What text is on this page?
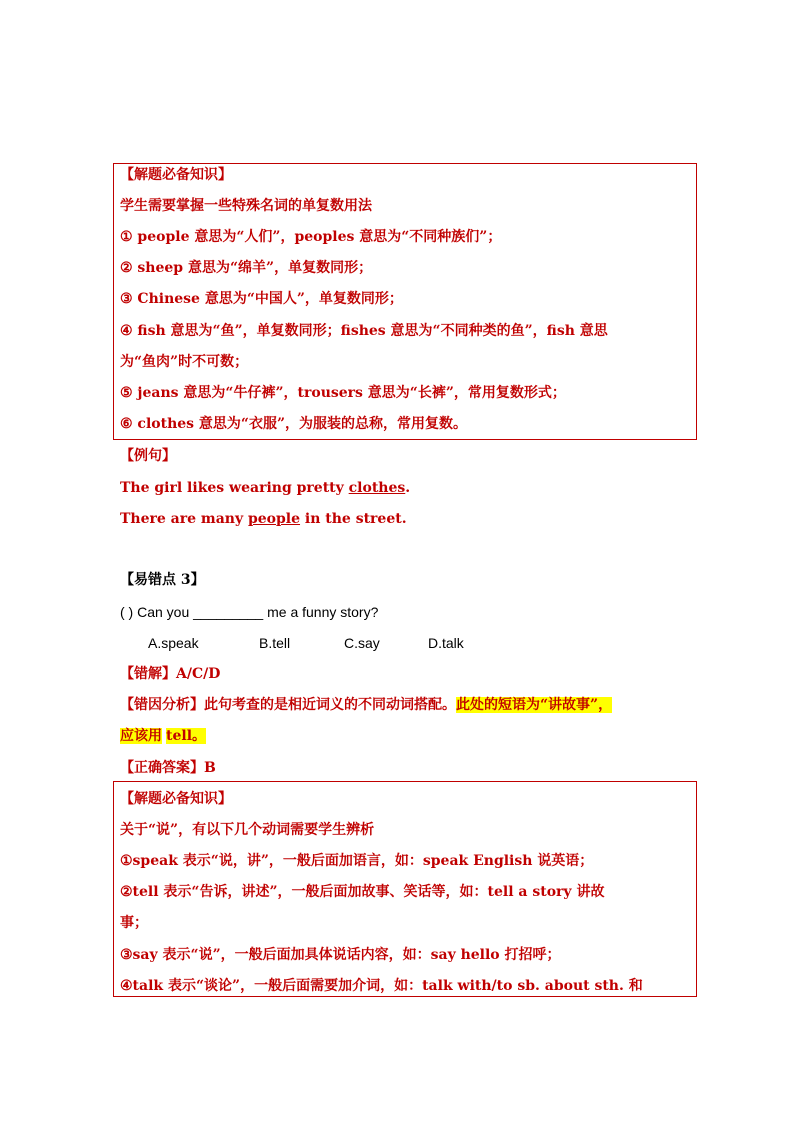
【解题必备知识】
学生需要掌握一些特殊名词的单复数用法
① people 意思为“人们”，peoples 意思为“不同种族们”；
② sheep 意思为“绵羊”，单复数同形；
③ Chinese 意思为“中国人”，单复数同形；
④ fish 意思为“鱼”，单复数同形；fishes 意思为“不同种类的鱼”，fish 意思
为“鱼肉”时不可数；
⑤ jeans 意思为“牛仔裤”，trousers 意思为“长裤”，常用复数形式；
⑥ clothes 意思为“衣服”，为服装的总称，常用复数。
【例句】
The girl likes wearing pretty clothes.
There are many people in the street.
【易错点 3】
( ) Can you _________ me a funny story?
A.speak	B.tell	C.say	D.talk
【错解】A/C/D
【错因分析】此句考查的是相近词义的不同动词搭配。此处的短语为“讲故事”，
应该用 tell。
【正确答案】B
【解题必备知识】
关于“说”，有以下几个动词需要学生辨析
①speak 表示“说，讲”，一般后面加语言，如：speak English 说英语；
②tell 表示“告诉，讲述”，一般后面加故事、笑话等，如：tell a story 讲故
事；
③say 表示“说”，一般后面加具体说话内容，如：say hello 打招呼；
④talk 表示“谈论”，一般后面需要加介词，如：talk with/to sb. about sth. 和
